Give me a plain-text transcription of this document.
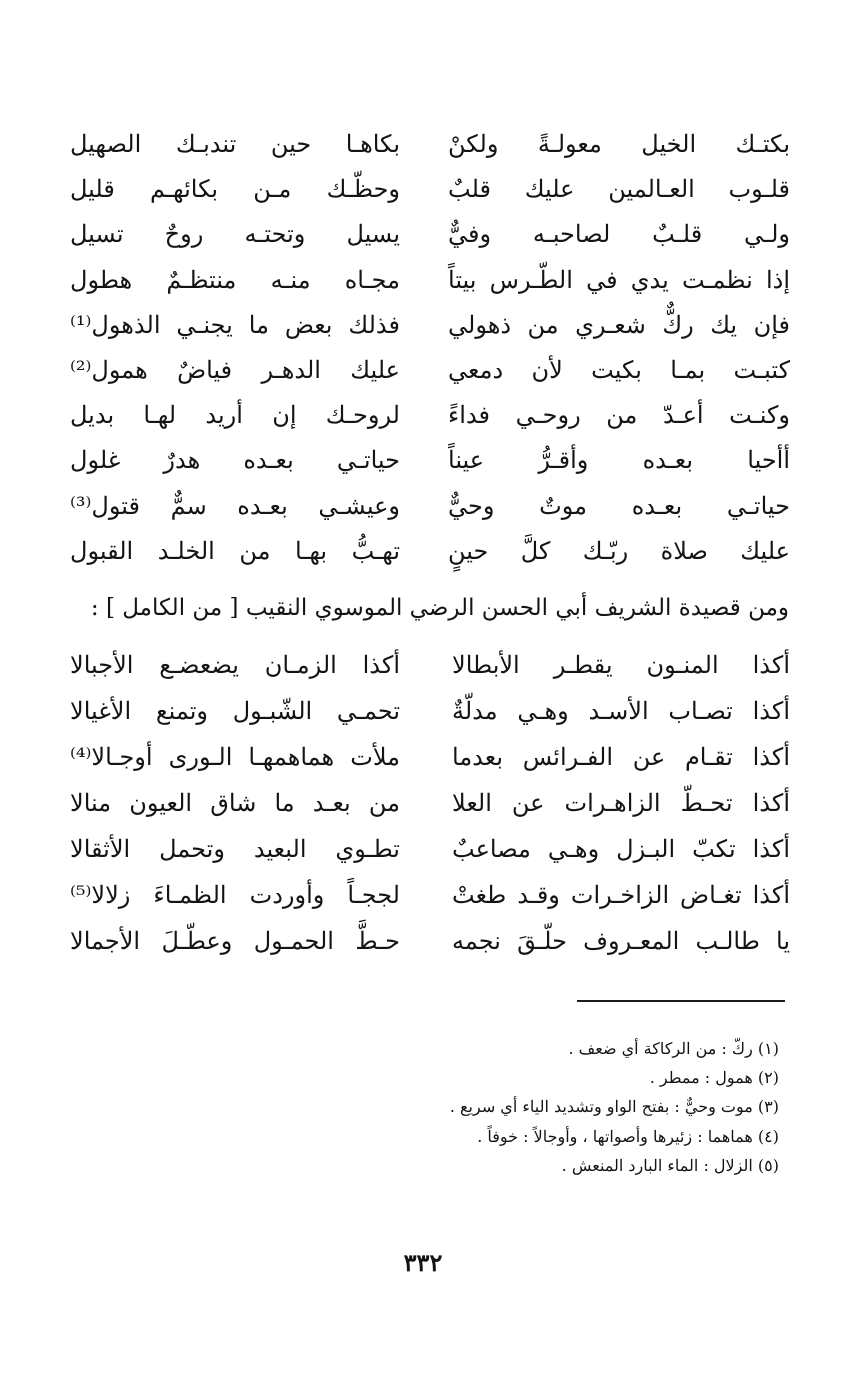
بكتـك الخيل معولـةً ولكنْ
بكاهـا حين تندبـك الصهيل
قلـوب العـالمين عليك قلبٌ
وحظّـك مـن بكائهـم قليل
ولـي قلـبٌ لصاحبـه وفيٌّ
يسيل وتحتـه روحٌ تسيل
إذا نظمـت يدي في الطّـرس بيتاً
مجـاه منـه منتظـمٌ هطول
فإن يك ركٌّ شعـري من ذهولي
فذلك بعض ما يجنـي الذهول⁽¹⁾
كتبـت بمـا بكيت لأن دمعي
عليك الدهـر فياضٌ همول⁽²⁾
وكنـت أعـدّ من روحـي فداءً
لروحـك إن أريد لهـا بديل
أأحيا بعـده وأقـرُّ عيناً
حياتـي بعـده هدرٌ غلول
حياتـي بعـده موتٌ وحيٌّ
وعيشـي بعـده سمٌّ قتول⁽³⁾
عليك صلاة ربّـك كلَّ حينٍ
تهـبُّ بهـا من الخلـد القبول
ومن قصيدة الشريف أبي الحسن الرضي الموسوي النقيب [ من الكامل ] :
أكذا المنـون يقطـر الأبطالا
أكذا الزمـان يضعضـع الأجبالا
أكذا تصـاب الأسـد وهـي مدلّةٌ
تحمـي الشّبـول وتمنع الأغيالا
أكذا تقـام عن الفـرائس بعدما
ملأت هماهمهـا الـورى أوجـالا⁽⁴⁾
أكذا تحـطّ الزاهـرات عن العلا
من بعـد ما شاق العيون منالا
أكذا تكبّ البـزل وهـي مصاعبٌ
تطـوي البعيد وتحمل الأثقالا
أكذا تغـاض الزاخـرات وقـد طغتْ
لججـاً وأوردت الظمـاءَ زلالا⁽⁵⁾
يا طالـب المعـروف حلّـقَ نجمه
حـطَّ الحمـول وعطّـلَ الأجمالا
(١) ركّ : من الركاكة أي ضعف .
(٢) همول : ممطر .
(٣) موت وحيٌّ : بفتح الواو وتشديد الياء أي سريع .
(٤) هماهما : زئيرها وأصواتها ، وأوجالاً : خوفاً .
(٥) الزلال : الماء البارد المنعش .
٣٣٢
